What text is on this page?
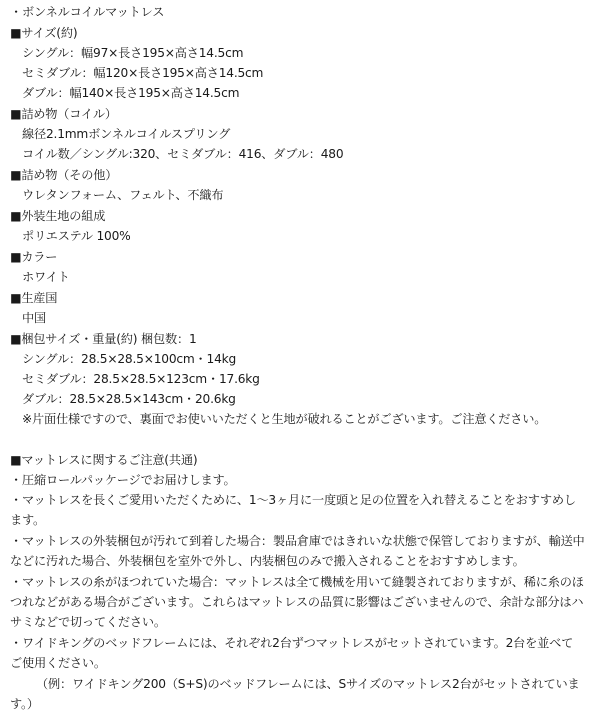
・ボンネルコイルマットレス
■サイズ(約)
シングル：幅97×長さ195×高さ14.5cm
セミダブル：幅120×長さ195×高さ14.5cm
ダブル：幅140×長さ195×高さ14.5cm
■詰め物（コイル）
線径2.1mmボンネルコイルスプリング
コイル数／シングル:320、セミダブル：416、ダブル：480
■詰め物（その他）
ウレタンフォーム、フェルト、不織布
■外装生地の組成
ポリエステル 100%
■カラー
ホワイト
■生産国
中国
■梱包サイズ・重量(約) 梱包数：1
シングル：28.5×28.5×100cm・14kg
セミダブル：28.5×28.5×123cm・17.6kg
ダブル：28.5×28.5×143cm・20.6kg
※片面仕様ですので、裏面でお使いいただくと生地が破れることがございます。ご注意ください。
■マットレスに関するご注意(共通)
・圧縮ロールパッケージでお届けします。
・マットレスを長くご愛用いただくために、1～3ヶ月に一度頭と足の位置を入れ替えることをおすすめし
ます。
・マットレスの外装梱包が汚れて到着した場合：製品倉庫ではきれいな状態で保管しておりますが、輸送中
などに汚れた場合、外装梱包を室外で外し、内装梱包のみで搬入されることをおすすめします。
・マットレスの糸がほつれていた場合：マットレスは全て機械を用いて縫製されておりますが、稀に糸のほ
つれなどがある場合がございます。これらはマットレスの品質に影響はございませんので、余計な部分はハ
サミなどで切ってください。
・ワイドキングのベッドフレームには、それぞれ2台ずつマットレスがセットされています。2台を並べて
ご使用ください。
（例：ワイドキング200（S+S)のベッドフレームには、Sサイズのマットレス2台がセットされていま
す。）
